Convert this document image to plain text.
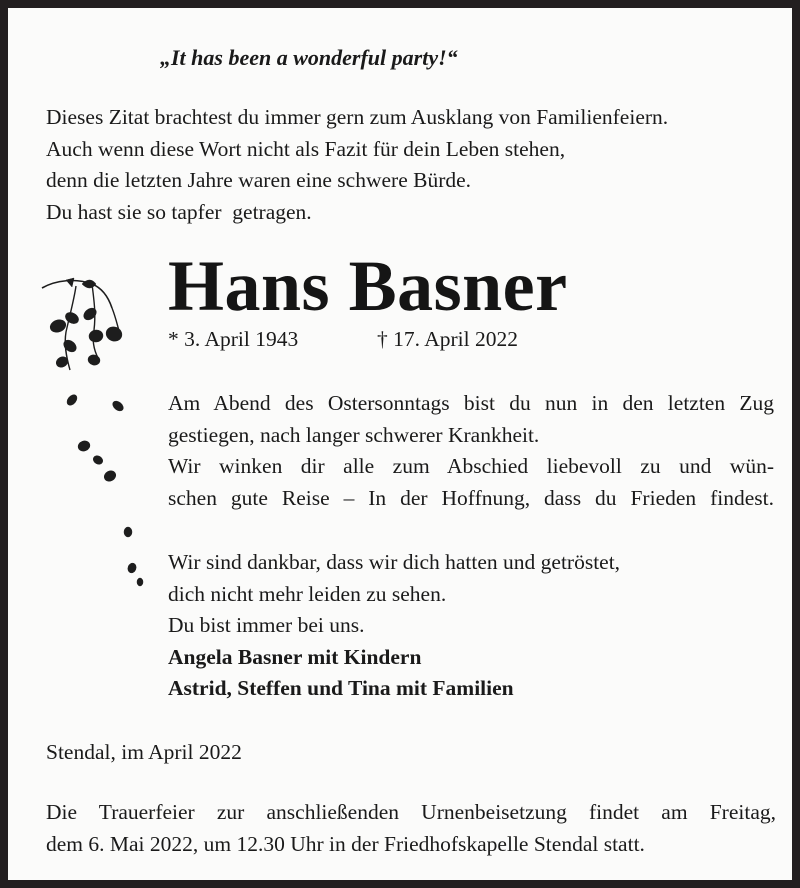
„It has been a wonderful party!“

Dieses Zitat brachtest du immer gern zum Ausklang von Familienfeiern.
Auch wenn diese Wort nicht als Fazit für dein Leben stehen,
denn die letzten Jahre waren eine schwere Bürde.
Du hast sie so tapfer  getragen.
Hans Basner

* 3. April 1943	† 17. April 2022

Am Abend des Ostersonntags bist du nun in den letzten Zug
gestiegen, nach langer schwerer Krankheit.
Wir winken dir alle zum Abschied liebevoll zu und wün-
schen gute Reise – In der Hoffnung, dass du Frieden findest.
Wir sind dankbar, dass wir dich hatten und getröstet,
dich nicht mehr leiden zu sehen.
Du bist immer bei uns.
Angela Basner mit Kindern
Astrid, Steffen und Tina mit Familien

Stendal, im April 2022

Die Trauerfeier zur anschließenden Urnenbeisetzung findet am Freitag,
dem 6. Mai 2022, um 12.30 Uhr in der Friedhofskapelle Stendal statt.
